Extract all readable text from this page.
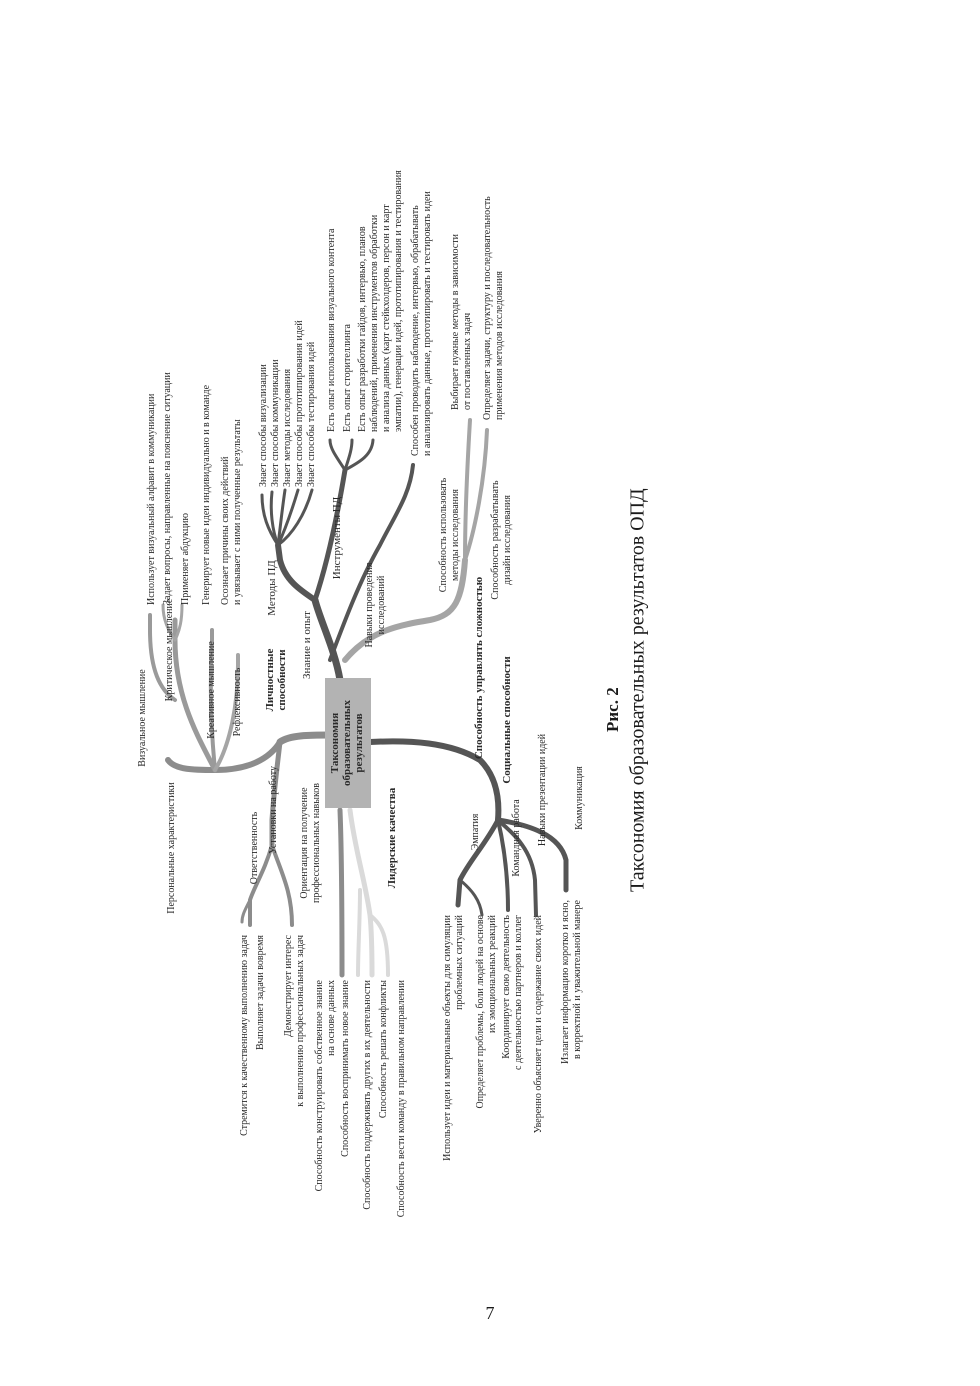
Таксономия образовательных результатов
Личностные способности
Визуальное мышление
Персональные характеристики
Критическое мышление	Креативное мышление Рефлексивность
Использует визуальный алфавит в коммуникации Задает вопросы, направленные на пояснение ситуации Применяет абдукцию Генерирует новые идеи индивидуально и в команде Осознает причины своих действий и увязывает с ними полученные результаты
Ответственность Установки на работу Ориентация на получение профессиональных навыков
Стремится к качественному выполнению задач Выполняет задачи вовремя Демонстрирует интерес к выполнению профессиональных задач
Знание и опыт
Методы ПД
Знает способы визуализации Знает способы коммуникации Знает методы исследования Знает способы прототипирования идей Знает способы тестирования идей
Инструменты ПД
Есть опыт использования визуального контента Есть опыт сторителлинга Есть опыт разработки гайдов, интервью, планов наблюдений, применения инструментов обработки и анализа данных (карт стейкхолдеров, персон и карт эмпатии), генерации идей, прототипирования и тестирования
Навыки проведения исследований
Способен проводить наблюдение, интервью, обрабатывать и анализировать данные, прототипировать и тестировать идеи
Способность управлять сложностью
Способность использовать методы исследования
Выбирает нужные методы в зависимости от поставленных задач
Способность разрабатывать дизайн исследования
Определяет задачи, структуру и последовательность применения методов исследования
Социальные способности
Эмпатия	Командная работа Навыки презентации идей	Коммуникация
Использует идеи и материальные объекты для симуляции проблемных ситуаций Определяет проблемы, боли людей на основе их эмоциональных реакций Координирует свою деятельность с деятельностью партнеров и коллег Уверенно объясняет цели и содержание своих идей Излагает информацию коротко и ясно, в корректной и уважительной манере
Лидерские качества
Способность конструировать собственное знание на основе данных Способность воспринимать новое знание Способность поддерживать других в их деятельности Способность решать конфликты Способность вести команду в правильном направлении
Рис. 2 Таксономия образовательных результатов ОПД
7
